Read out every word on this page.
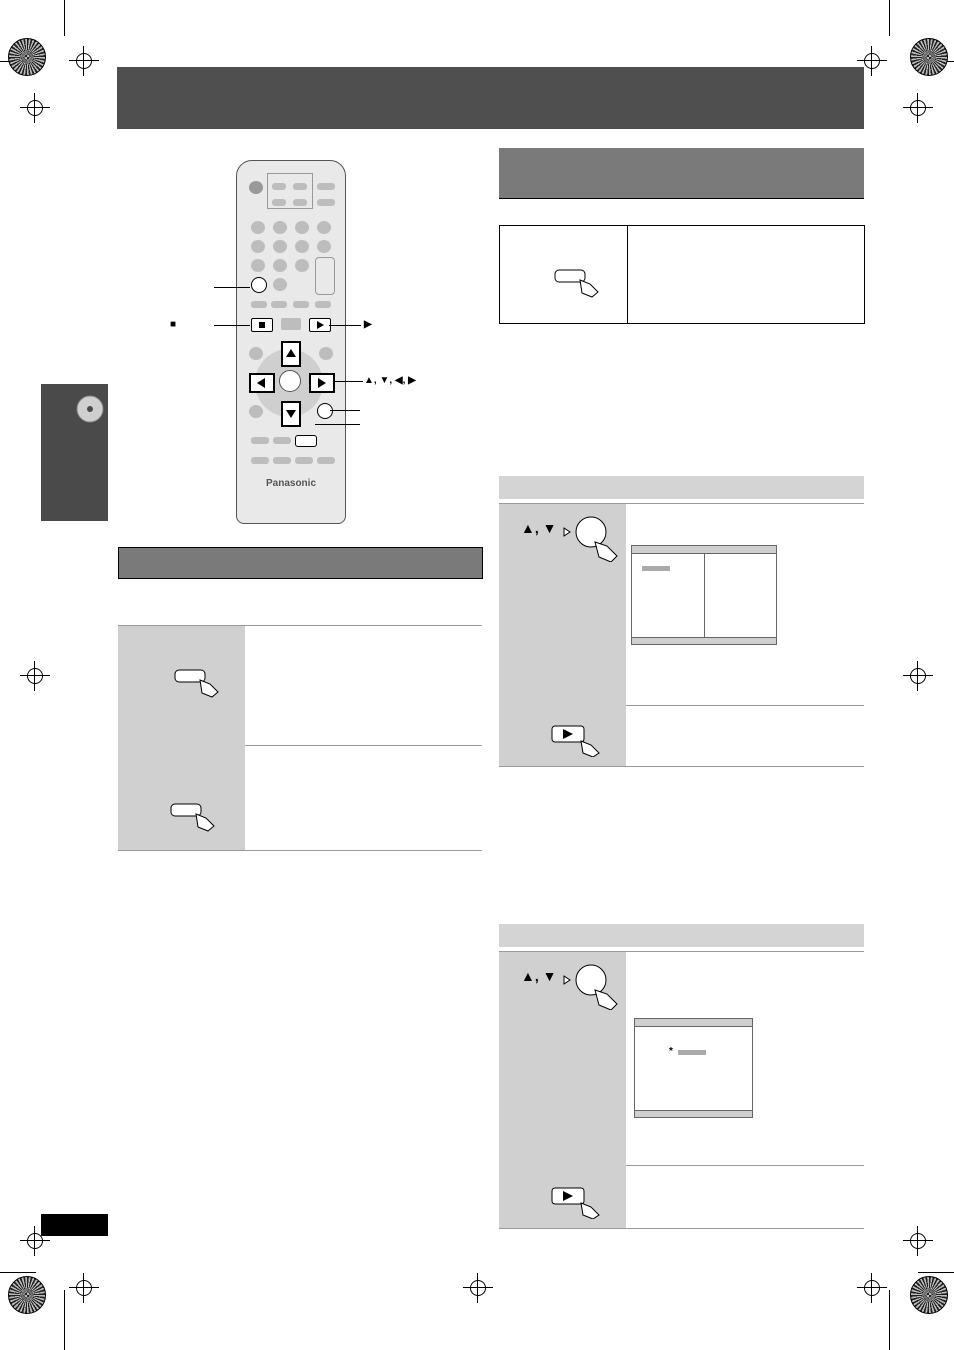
Panasonic
■	▶
▲, ▼, ◀, ▶
▲, ▼
▲, ▼
*
